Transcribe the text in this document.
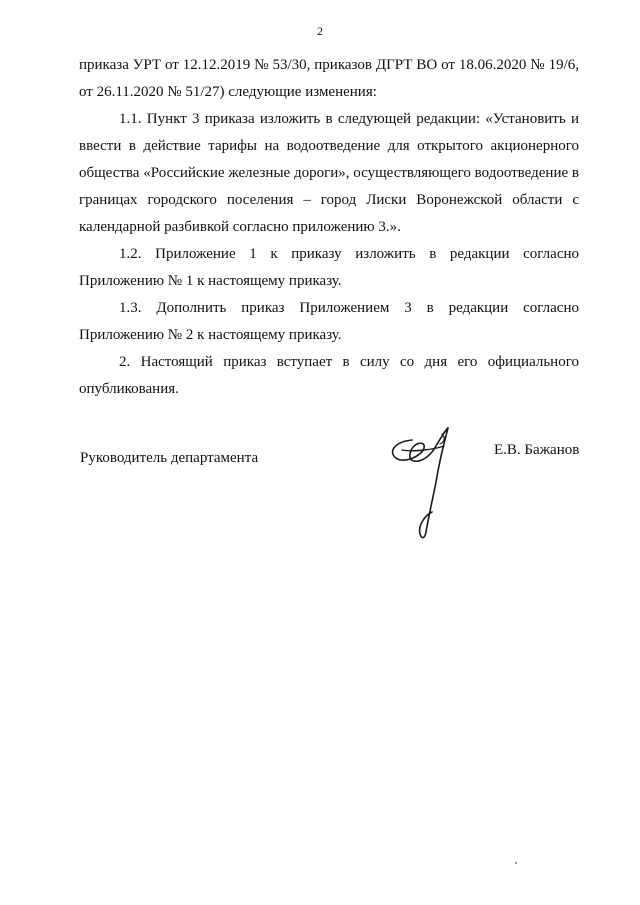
2

приказа УРТ от 12.12.2019 № 53/30, приказов ДГРТ ВО от 18.06.2020 № 19/6, от 26.11.2020 № 51/27) следующие изменения:

1.1. Пункт 3 приказа изложить в следующей редакции: «Установить и ввести в действие тарифы на водоотведение для открытого акционерного общества «Российские железные дороги», осуществляющего водоотведение в границах городского поселения – город Лиски Воронежской области с календарной разбивкой согласно приложению 3.».

1.2. Приложение 1 к приказу изложить в редакции согласно Приложению № 1 к настоящему приказу.

1.3. Дополнить приказ Приложением 3 в редакции согласно Приложению № 2 к настоящему приказу.

2. Настоящий приказ вступает в силу со дня его официального опубликования.

Руководитель департамента	Е.В. Бажанов
